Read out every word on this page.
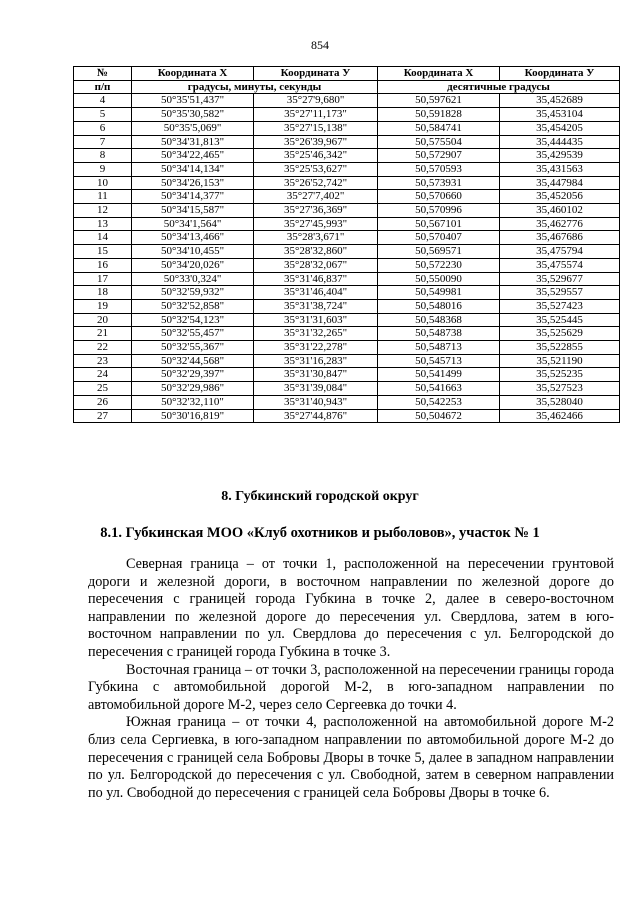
854
№	Координата X	Координата У	Координата X	Координата У
п/п	градусы, минуты, секунды		десятичные градусы	
4	50°35'51,437"	35°27'9,680"	50,597621	35,452689
5	50°35'30,582"	35°27'11,173"	50,591828	35,453104
6	50°35'5,069"	35°27'15,138"	50,584741	35,454205
7	50°34'31,813"	35°26'39,967"	50,575504	35,444435
8	50°34'22,465"	35°25'46,342"	50,572907	35,429539
9	50°34'14,134"	35°25'53,627"	50,570593	35,431563
10	50°34'26,153"	35°26'52,742"	50,573931	35,447984
11	50°34'14,377"	35°27'7,402"	50,570660	35,452056
12	50°34'15,587"	35°27'36,369"	50,570996	35,460102
13	50°34'1,564"	35°27'45,993"	50,567101	35,462776
14	50°34'13,466"	35°28'3,671"	50,570407	35,467686
15	50°34'10,455"	35°28'32,860"	50,569571	35,475794
16	50°34'20,026"	35°28'32,067"	50,572230	35,475574
17	50°33'0,324"	35°31'46,837"	50,550090	35,529677
18	50°32'59,932"	35°31'46,404"	50,549981	35,529557
19	50°32'52,858"	35°31'38,724"	50,548016	35,527423
20	50°32'54,123"	35°31'31,603"	50,548368	35,525445
21	50°32'55,457"	35°31'32,265"	50,548738	35,525629
22	50°32'55,367"	35°31'22,278"	50,548713	35,522855
23	50°32'44,568"	35°31'16,283"	50,545713	35,521190
24	50°32'29,397"	35°31'30,847"	50,541499	35,525235
25	50°32'29,986"	35°31'39,084"	50,541663	35,527523
26	50°32'32,110"	35°31'40,943"	50,542253	35,528040
27	50°30'16,819"	35°27'44,876"	50,504672	35,462466
8. Губкинский городской округ
8.1. Губкинская МОО «Клуб охотников и рыболовов», участок № 1

Северная граница – от точки 1, расположенной на пересечении грунтовой дороги и железной дороги, в восточном направлении по железной дороге до пересечения с границей города Губкина в точке 2, далее в северо-восточном направлении по железной дороге до пересечения ул. Свердлова, затем в юго-восточном направлении по ул. Свердлова до пересечения с ул. Белгородской до пересечения с границей города Губкина в точке 3.

Восточная граница – от точки 3, расположенной на пересечении границы города Губкина с автомобильной дорогой М-2, в юго-западном направлении по автомобильной дороге М-2, через село Сергеевка до точки 4.

Южная граница – от точки 4, расположенной на автомобильной дороге М-2 близ села Сергиевка, в юго-западном направлении по автомобильной дороге М-2 до пересечения с границей села Бобровы Дворы в точке 5, далее в западном направлении по ул. Белгородской до пересечения с ул. Свободной, затем в северном направлении по ул. Свободной до пересечения с границей села Бобровы Дворы в точке 6.
